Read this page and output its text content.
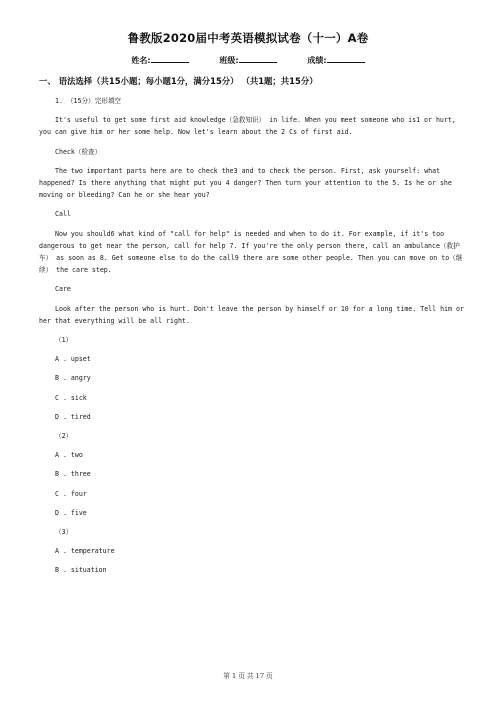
鲁教版2020届中考英语模拟试卷（十一）A卷
姓名:	班级:	成绩:
一、 语法选择（共15小题；每小题1分，满分15分） （共1题；共15分）

1. （15分）完形填空

It's useful to get some first aid knowledge（急救知识） in life. When you meet someone who is1 or hurt, you can give him or her some help. Now let's learn about the 2 Cs of first aid.

Check（检查）

The two important parts here are to check the3 and to check the person. First, ask yourself: what happened? Is there anything that might put you 4 danger? Then turn your attention to the 5. Is he or she moving or bleeding? Can he or she hear you?

Call

Now you should6 what kind of "call for help" is needed and when to do it. For example, if it's too dangerous to get near the person, call for help 7. If you're the only person there, call an ambulance（救护车） as soon as 8. Get someone else to do the call9 there are some other people. Then you can move on to（继续） the care step.

Care

Look after the person who is hurt. Don't leave the person by himself or 10 for a long time. Tell him or her that everything will be all right.

（1）

A . upset

B . angry

C . sick

D . tired

（2）

A . two

B . three

C . four

D . five

（3）

A . temperature

B . situation

第 1 页 共 17 页
